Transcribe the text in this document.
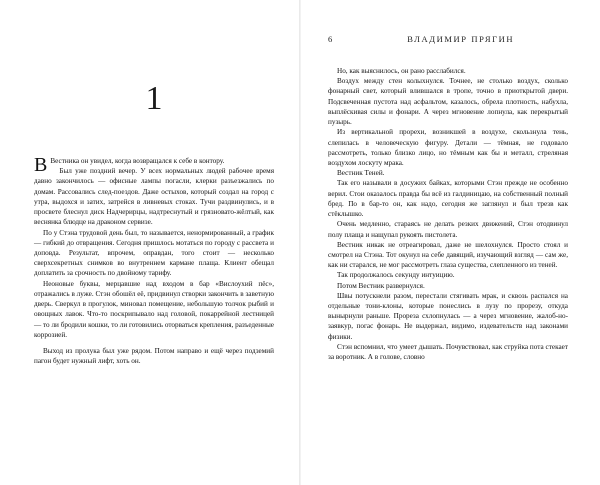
1

В Вестника он увидел, когда возвращался к себе в контору.

Был уже поздний вечер. У всех нормальных людей рабочее время давно закончилось — офисные лампы погасли, клерки разъезжались по домам. Рассовались след-поездов. Даже остыхов, который создал на город с утра, выдохся и затих, затрейся в ливневых стоках. Тучи раздвинулись, и в просвете блеснул диск Надчерирцы, надтреснутый и грязновато-жёлтый, как веснянка блюдце на драконом сервизе.

По у Стэна трудовой день был, то называется, ненормированный, а график — гибкий до отвращения. Сегодня пришлось мотаться по городу с рассвета и доповда. Результат, впрочем, оправдан, того стоит — несколько сверхсекретных снимков во внутреннем кармане плаща. Клиент обещал доплатить за срочность по двойному тарифу.

Неоновые буквы, мерцавшие над входом в бар «Вислоухий пёс», отражались в луже. Стэн обошёл её, придвинул створки закончить в заветную дверь. Сверкул в прогулок, миновал помещение, небольшую толчок рыбий и овощных лавок. Что-то поскрипывало над головой, покаррейной лестницей — то ли бродили кошки, то ли готовились оторваться крепления, разъеденные коррозией.

Выход из пролука был уже рядом. Потом направо и ещё через подземий пагон будет нужный лифт, хоть он.

6	ВЛАДИМИР ПРЯГИН

Но, как выяснилось, он рано расслабился.

Воздух между стен колыхнулся. Точнее, не столько воздух, сколько фонарный свет, который влившался в тропе, точно в приоткрытой двери. Подсвеченная пустота над асфальтом, казалось, обрела плотность, набухла, выплёскивая силы и фонари. А через мгновение лопнула, как перекрытый пузырь.

Из вертикальной прорехи, возникшей в воздухе, скользнула тень, слепилась в человеческую фигуру. Детали — тёмная, не годовало рассмотреть, только близко лицо, но тёмным как бы и металл, стреляная воздухом лоскуту мрака.

Вестник Теней.

Так его называли в досужих байках, которыми Стэн прежде не особенно верил. Стои оказалось правда бы всё из галдиницаю, на собственный полный бред. По в бар-то он, как надо, сегодня же заглянул и был трезв как стёклышко.

Очень медленно, стараясь не делать резких движений, Стэн отодвинул полу плаща и нащупал рукоять пистолета.

Вестник никак не отреагировал, даже не шелохнулся. Просто стоял и смотрел на Стэна. Тот окунул на себе давящий, изучающий взгляд — сам же, как ни старался, не мог рассмотреть глаза существа, слепленного из теней.

Так продолжалось секунду интуицию.

Потом Вестник развернулся.

Швы потускнели разом, перестали стягивать мрак, и сквозь распался на отдельные тони-клоны, которые понеслись в лузу по прорезу, откуда вынырнули раньше. Прореза схлопнулась — а через мгновение, жалоб-но-заявкур, погас фонарь. Не выдержал, видимо, издевательств над законами физики.

Стэн вспомнил, что умеет дышать. Почувствовал, как струйка пота стекает за воротник. А в голове, словно
